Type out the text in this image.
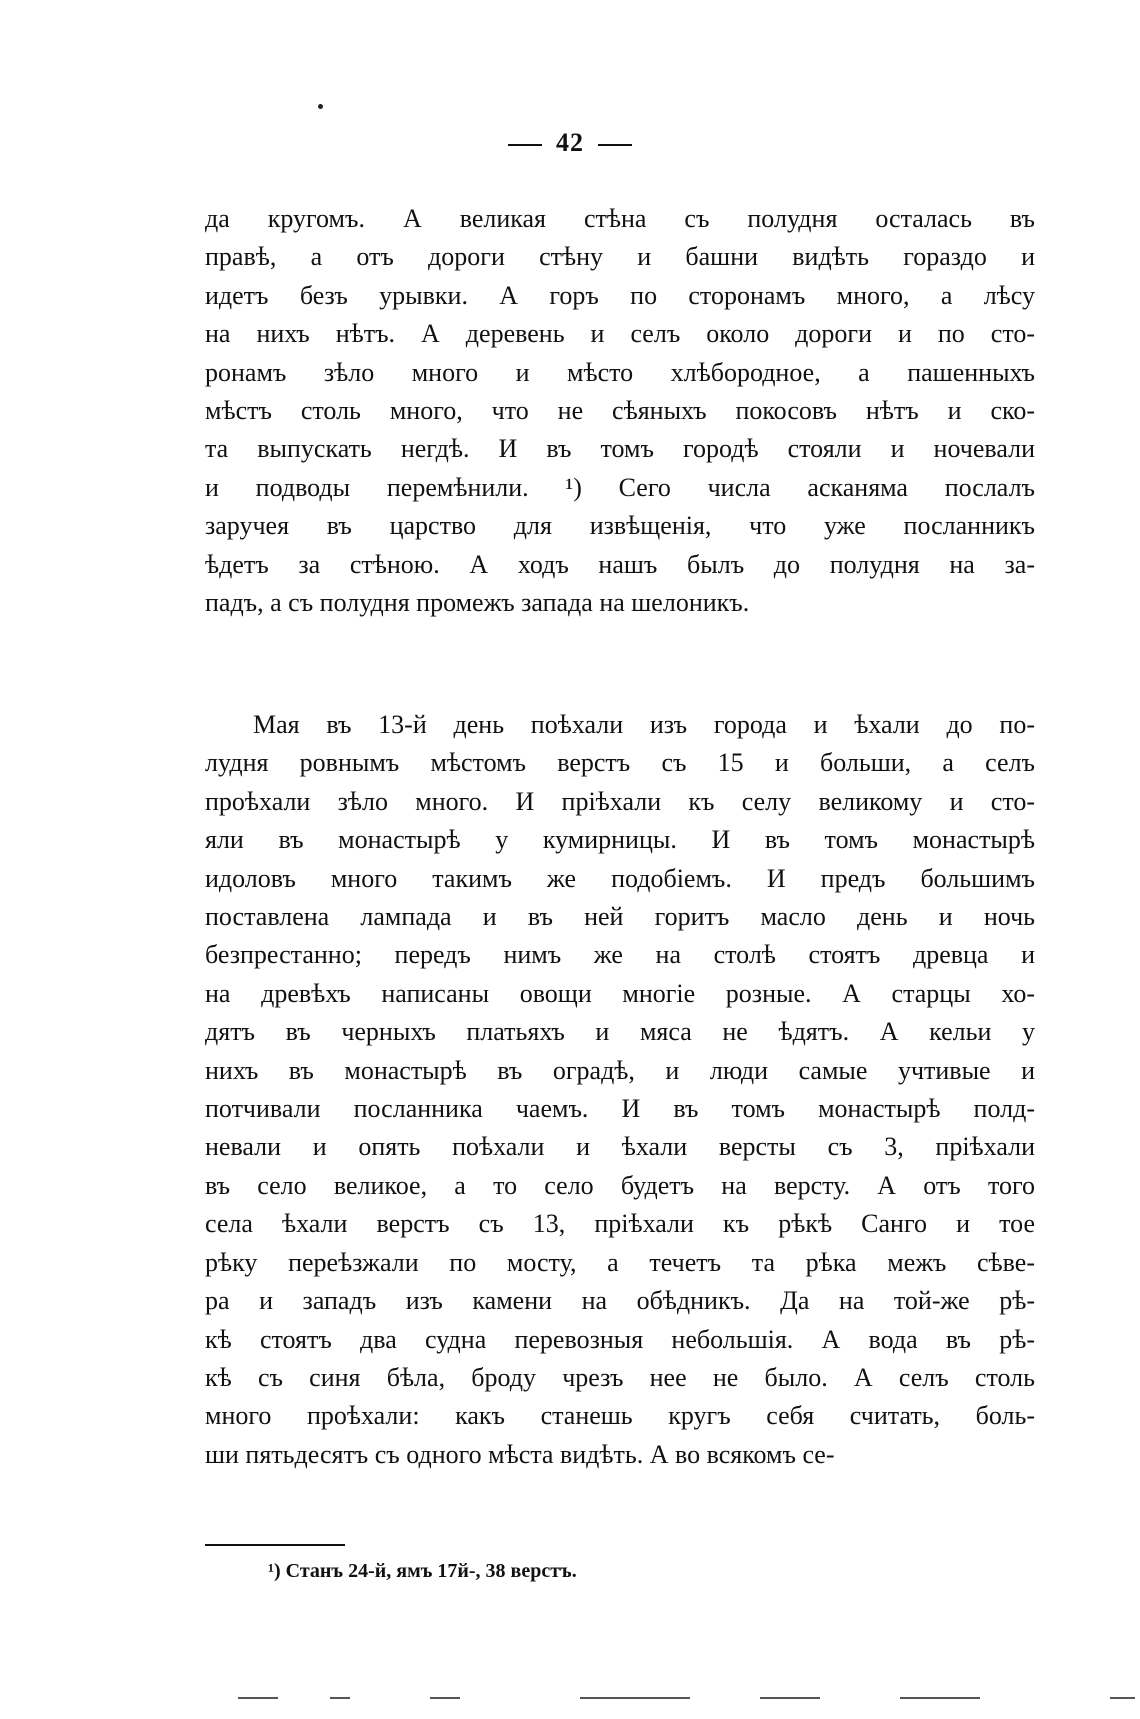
42
да кругомъ. А великая стѣна съ полудня осталась въ
правѣ, а отъ дороги стѣну и башни видѣть гораздо и
идетъ безъ урывки. А горъ по сторонамъ много, а лѣсу
на нихъ нѣтъ. А деревень и селъ около дороги и по сто-
ронамъ зѣло много и мѣсто хлѣбородное, а пашенныхъ
мѣстъ столь много, что не сѣяныхъ покосовъ нѣтъ и ско-
та выпускать негдѣ. И въ томъ городѣ стояли и ночевали
и подводы перемѣнили. ¹) Сего числа асканяма послалъ
заручея въ царство для извѣщенія, что уже посланникъ
ѣдетъ за стѣною. А ходъ нашъ былъ до полудня на за-
падъ, а съ полудня промежъ запада на шелоникъ.
Мая въ 13-й день поѣхали изъ города и ѣхали до по-
лудня ровнымъ мѣстомъ верстъ съ 15 и больши, а селъ
проѣхали зѣло много. И пріѣхали къ селу великому и сто-
яли въ монастырѣ у кумирницы. И въ томъ монастырѣ
идоловъ много такимъ же подобіемъ. И предъ большимъ
поставлена лампада и въ ней горитъ масло день и ночь
безпрестанно; передъ нимъ же на столѣ стоятъ древца и
на древѣхъ написаны овощи многіе розные. А старцы хо-
дятъ въ черныхъ платьяхъ и мяса не ѣдятъ. А кельи у
нихъ въ монастырѣ въ оградѣ, и люди самые учтивые и
потчивали посланника чаемъ. И въ томъ монастырѣ полд-
невали и опять поѣхали и ѣхали версты съ 3, пріѣхали
въ село великое, а то село будетъ на версту. А отъ того
села ѣхали верстъ съ 13, пріѣхали къ рѣкѣ Санго и тое
рѣку переѣзжали по мосту, а течетъ та рѣка межъ сѣве-
ра и западъ изъ камени на обѣдникъ. Да на той-же рѣ-
кѣ стоятъ два судна перевозныя небольшія. А вода въ рѣ-
кѣ съ синя бѣла, броду чрезъ нее не было. А селъ столь
много проѣхали: какъ станешь кругъ себя считать, боль-
ши пятьдесятъ съ одного мѣста видѣть. А во всякомъ се-
¹) Станъ 24-й, ямъ 17й-, 38 верстъ.
